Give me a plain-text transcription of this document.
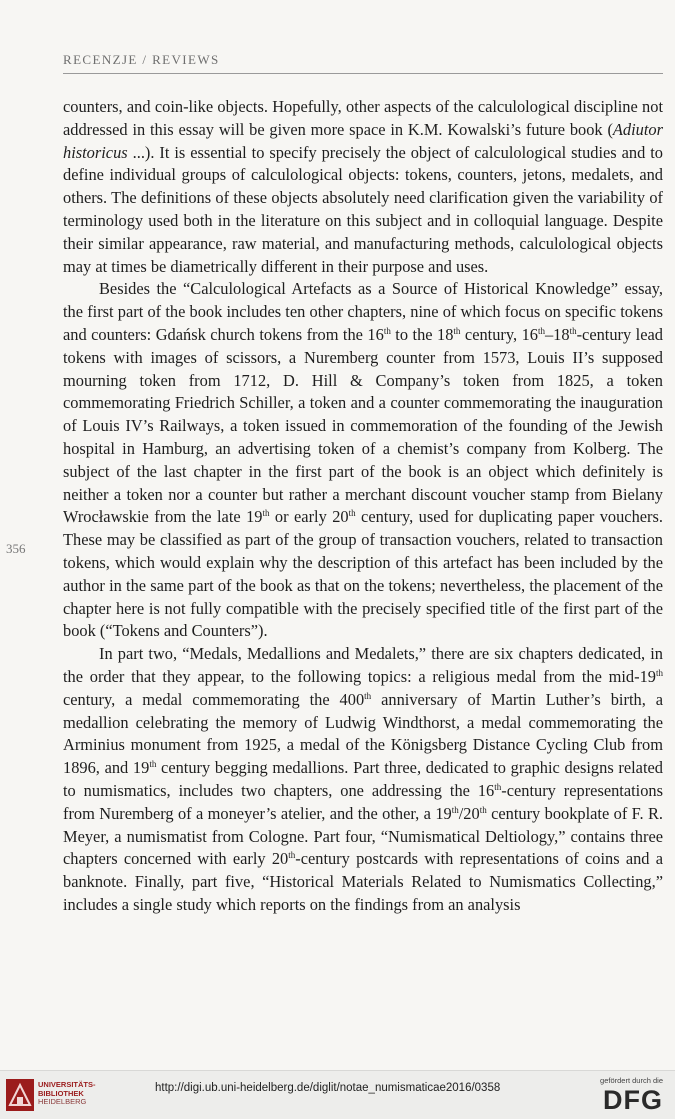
RECENZJE / REVIEWS
356

counters, and coin-like objects. Hopefully, other aspects of the calculological discipline not addressed in this essay will be given more space in K.M. Kowalski’s future book (Adiutor historicus ...). It is essential to specify precisely the object of calculological studies and to define individual groups of calculological objects: tokens, counters, jetons, medalets, and others. The definitions of these objects absolutely need clarification given the variability of terminology used both in the literature on this subject and in colloquial language. Despite their similar appearance, raw material, and manufacturing methods, calculological objects may at times be diametrically different in their purpose and uses.

Besides the “Calculological Artefacts as a Source of Historical Knowledge” essay, the first part of the book includes ten other chapters, nine of which focus on specific tokens and counters: Gdańsk church tokens from the 16th to the 18th century, 16th–18th-century lead tokens with images of scissors, a Nuremberg counter from 1573, Louis II’s supposed mourning token from 1712, D. Hill & Company’s token from 1825, a token commemorating Friedrich Schiller, a token and a counter commemorating the inauguration of Louis IV’s Railways, a token issued in commemoration of the founding of the Jewish hospital in Hamburg, an advertising token of a chemist’s company from Kolberg. The subject of the last chapter in the first part of the book is an object which definitely is neither a token nor a counter but rather a merchant discount voucher stamp from Bielany Wrocławskie from the late 19th or early 20th century, used for duplicating paper vouchers. These may be classified as part of the group of transaction vouchers, related to transaction tokens, which would explain why the description of this artefact has been included by the author in the same part of the book as that on the tokens; nevertheless, the placement of the chapter here is not fully compatible with the precisely specified title of the first part of the book (“Tokens and Counters”).

In part two, “Medals, Medallions and Medalets,” there are six chapters dedicated, in the order that they appear, to the following topics: a religious medal from the mid-19th century, a medal commemorating the 400th anniversary of Martin Luther’s birth, a medallion celebrating the memory of Ludwig Windthorst, a medal commemorating the Arminius monument from 1925, a medal of the Königsberg Distance Cycling Club from 1896, and 19th century begging medallions. Part three, dedicated to graphic designs related to numismatics, includes two chapters, one addressing the 16th-century representations from Nuremberg of a moneyer’s atelier, and the other, a 19th/20th century bookplate of F. R. Meyer, a numismatist from Cologne. Part four, “Numismatical Deltiology,” contains three chapters concerned with early 20th-century postcards with representations of coins and a banknote. Finally, part five, “Historical Materials Related to Numismatics Collecting,” includes a single study which reports on the findings from an analysis

UNIVERSITÄTS-
BIBLIOTHEK
HEIDELBERG
http://digi.ub.uni-heidelberg.de/diglit/notae_numismaticae2016/0358
gefördert durch die
DFG
